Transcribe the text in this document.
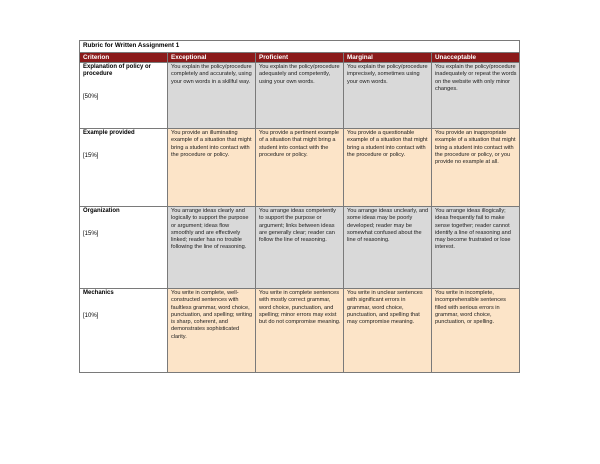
Rubric for Written Assignment 1				
Criterion	Exceptional	Proficient	Marginal	Unacceptable
Explanation of policy or procedure
[50%]	You explain the policy/procedure completely and accurately, using your own words in a skillful way.	You explain the policy/procedure adequately and competently, using your own words.	You explain the policy/procedure imprecisely, sometimes using your own words.	You explain the policy/procedure inadequately or repeat the words on the website with only minor changes.
Example provided
[15%]	You provide an illuminating example of a situation that might bring a student into contact with the procedure or policy.	You provide a pertinent example of a situation that might bring a student into contact with the procedure or policy.	You provide a questionable example of a situation that might bring a student into contact with the procedure or policy.	You provide an inappropriate example of a situation that might bring a student into contact with the procedure or policy, or you provide no example at all.
Organization
[15%]	You arrange ideas clearly and logically to support the purpose or argument; ideas flow smoothly and are effectively linked; reader has no trouble following the line of reasoning.	You arrange ideas competently to support the purpose or argument; links between ideas are generally clear; reader can follow the line of reasoning.	You arrange ideas unclearly, and some ideas may be poorly developed; reader may be somewhat confused about the line of reasoning.	You arrange ideas illogically; ideas frequently fail to make sense together; reader cannot identify a line of reasoning and may become frustrated or lose interest.
Mechanics
[10%]	You write in complete, well-constructed sentences with faultless grammar, word choice, punctuation, and spelling; writing is sharp, coherent, and demonstrates sophisticated clarity.	You write in complete sentences with mostly correct grammar, word choice, punctuation, and spelling; minor errors may exist but do not compromise meaning.	You write in unclear sentences with significant errors in grammar, word choice, punctuation, and spelling that may compromise meaning.	You write in incomplete, incomprehensible sentences filled with serious errors in grammar, word choice, punctuation, or spelling.
